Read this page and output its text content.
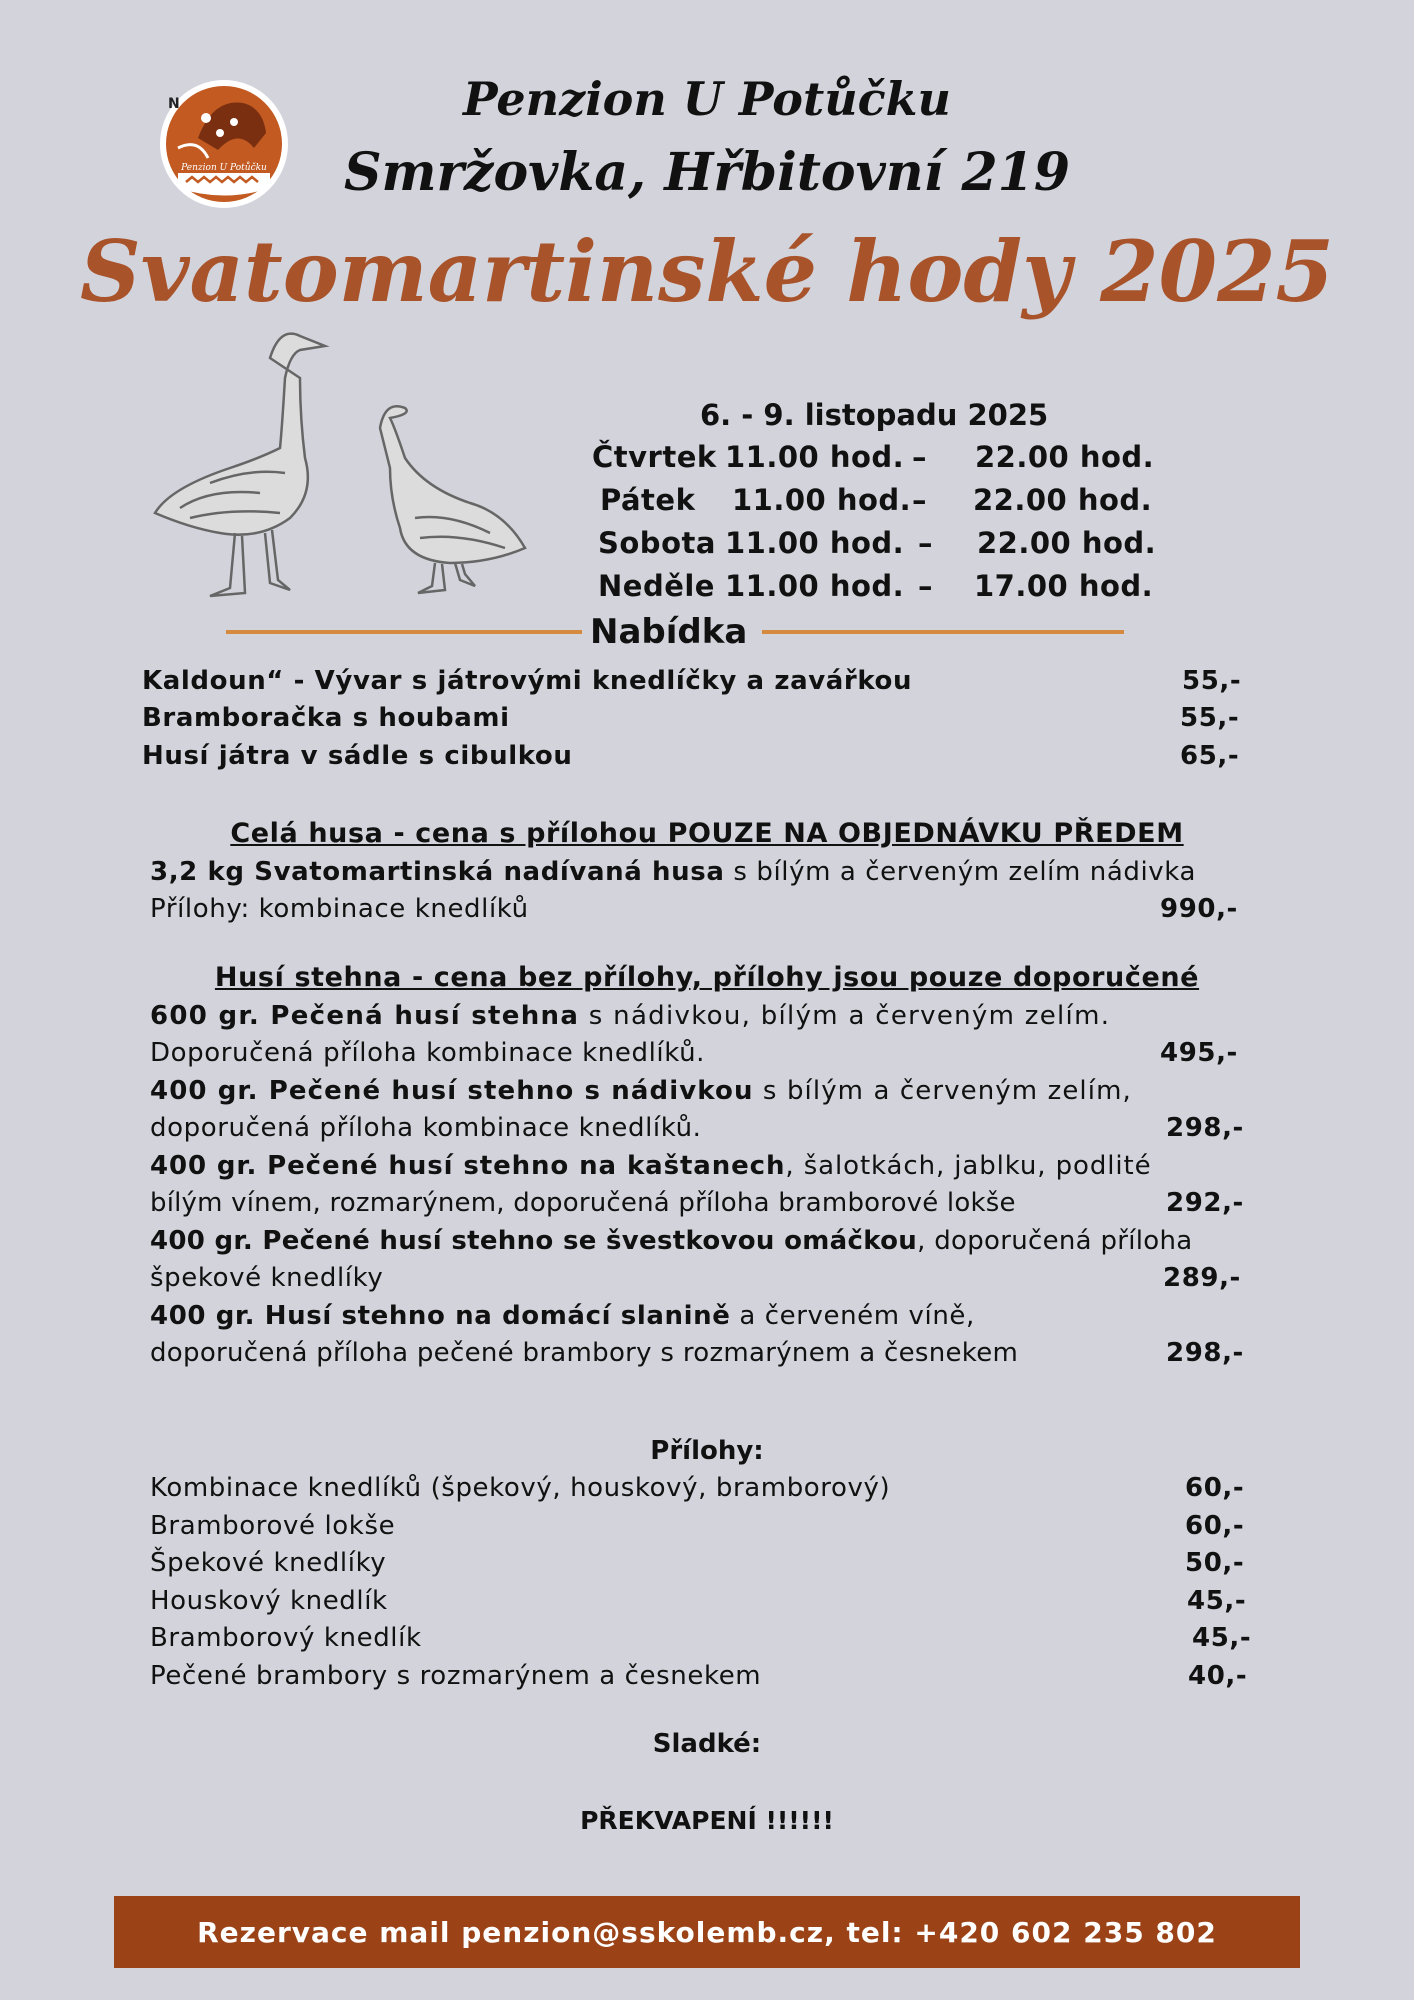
N
Penzion U Potůčku
Penzion U Potůčku
Smržovka, Hřbitovní 219
Svatomartinské hody 2025
6. - 9. listopadu 2025
Čtvrtek 11.00 hod. –	22.00 hod.
Pátek	11.00 hod. –	22.00 hod.
Sobota 11.00 hod. –	22.00 hod.
Neděle 11.00 hod. –	17.00 hod.
Nabídka
Kaldoun“ - Vývar s játrovými knedlíčky a zavářkou	55,-
Bramboračka s houbami	55,-
Husí játra v sádle s cibulkou	65,-
Celá husa - cena s přílohou POUZE NA OBJEDNÁVKU PŘEDEM
3,2 kg Svatomartinská nadívaná husa s bílým a červeným zelím nádivka
Přílohy: kombinace knedlíků	990,-
Husí stehna - cena bez přílohy, přílohy jsou pouze doporučené
600 gr. Pečená husí stehna s nádivkou, bílým a červeným zelím.
Doporučená příloha kombinace knedlíků.	495,-
400 gr. Pečené husí stehno s nádivkou s bílým a červeným zelím,
doporučená příloha kombinace knedlíků.	298,-
400 gr. Pečené husí stehno na kaštanech, šalotkách, jablku, podlité
bílým vínem, rozmarýnem, doporučená příloha bramborové lokše	292,-
400 gr. Pečené husí stehno se švestkovou omáčkou, doporučená příloha
špekové knedlíky	289,-
400 gr. Husí stehno na domácí slanině a červeném víně,
doporučená příloha pečené brambory s rozmarýnem a česnekem	298,-
Přílohy:
Kombinace knedlíků (špekový, houskový, bramborový)	60,-
Bramborové lokše	60,-
Špekové knedlíky	50,-
Houskový knedlík	45,-
Bramborový knedlík	45,-
Pečené brambory s rozmarýnem a česnekem	40,-
Sladké:
PŘEKVAPENÍ !!!!!!
Rezervace mail penzion@sskolemb.cz, tel: +420 602 235 802
